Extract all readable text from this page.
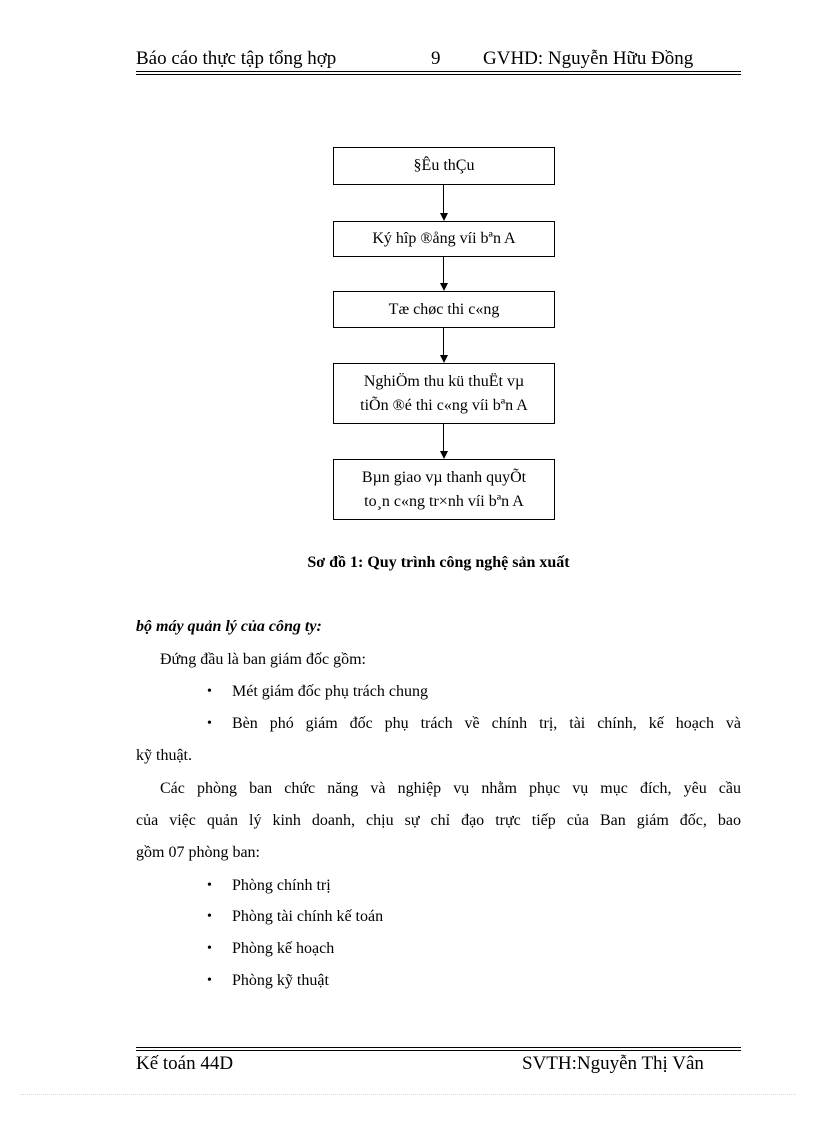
Báo cáo thực tập tổng hợp	9 GVHD: Nguyễn Hữu Đồng
§Êu thÇu
Ký hîp ®ång víi bªn A
Tæ chøc thi c«ng
NghiÖm thu kü thuËt vµ
tiÕn ®é thi c«ng víi bªn A
Bµn giao vµ thanh quyÕt
to¸n c«ng tr×nh víi bªn A
Sơ đồ 1: Quy trình công nghệ sản xuất
bộ máy quản lý của công ty:
Đứng đầu là ban giám đốc gồm:
• Mét giám đốc phụ trách chung
• Bèn phó giám đốc phụ trách về chính trị, tài chính, kế hoạch và
kỹ thuật.
Các phòng ban chức năng và nghiệp vụ nhằm phục vụ mục đích, yêu cầu
của việc quản lý kinh doanh, chịu sự chỉ đạo trực tiếp của Ban giám đốc, bao
gồm 07 phòng ban:
• Phòng chính trị
• Phòng tài chính kế toán
• Phòng kế hoạch
• Phòng kỹ thuật
Kế toán 44D	SVTH:Nguyễn Thị Vân
